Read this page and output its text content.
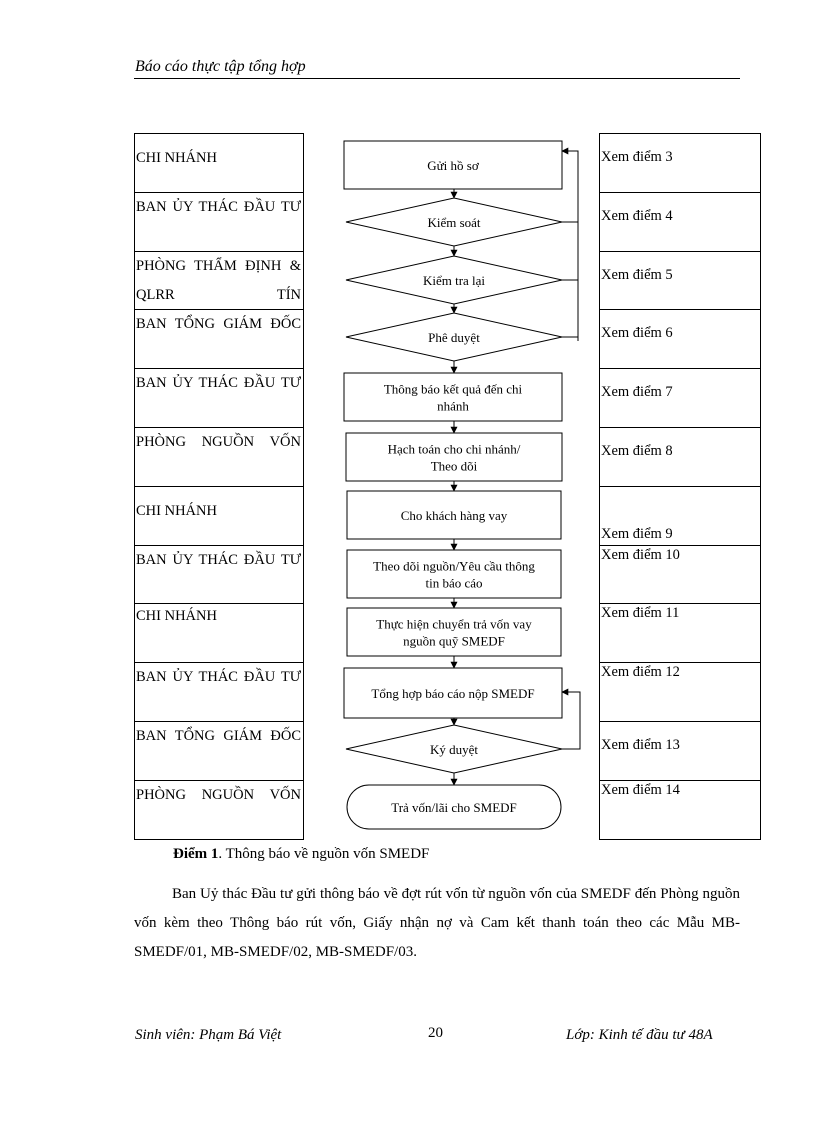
Báo cáo thực tập tổng hợp
CHI NHÁNH
BAN ỦY THÁC ĐẦU TƯ
PHÒNG THẨM ĐỊNH & QLRR TÍN
BAN TỔNG GIÁM ĐỐC
BAN ỦY THÁC ĐẦU TƯ
PHÒNG NGUỒN VỐN
CHI NHÁNH
BAN ỦY THÁC ĐẦU TƯ
CHI NHÁNH
BAN ỦY THÁC ĐẦU TƯ
BAN TỔNG GIÁM ĐỐC
PHÒNG NGUỒN VỐN
Xem điểm 3
Xem điểm 4
Xem điểm 5
Xem điểm 6
Xem điểm 7
Xem điểm 8
Xem điểm 9
Xem điểm 10
Xem điểm 11
Xem điểm 12
Xem điểm 13
Xem điểm 14
Gửi hồ sơ
Kiểm soát
Kiểm tra lại
Phê duyệt
Thông báo kết quả đến chi
nhánh
Hạch toán cho chi nhánh/
Theo dõi
Cho khách hàng vay
Theo dõi nguồn/Yêu cầu thông
tin báo cáo
Thực hiện chuyển trả vốn vay
nguồn quỹ SMEDF
Tổng hợp báo cáo nộp SMEDF
Ký duyệt
Trả vốn/lãi cho SMEDF
Điểm 1. Thông báo về nguồn vốn SMEDF
Ban Uỷ thác Đầu tư gửi thông báo về đợt rút vốn từ nguồn vốn của SMEDF đến Phòng nguồn vốn kèm theo Thông báo rút vốn, Giấy nhận nợ và Cam kết thanh toán theo các Mẫu MB-SMEDF/01, MB-SMEDF/02, MB-SMEDF/03.
Sinh viên: Phạm Bá Việt	20	Lớp: Kinh tế đầu tư 48A
